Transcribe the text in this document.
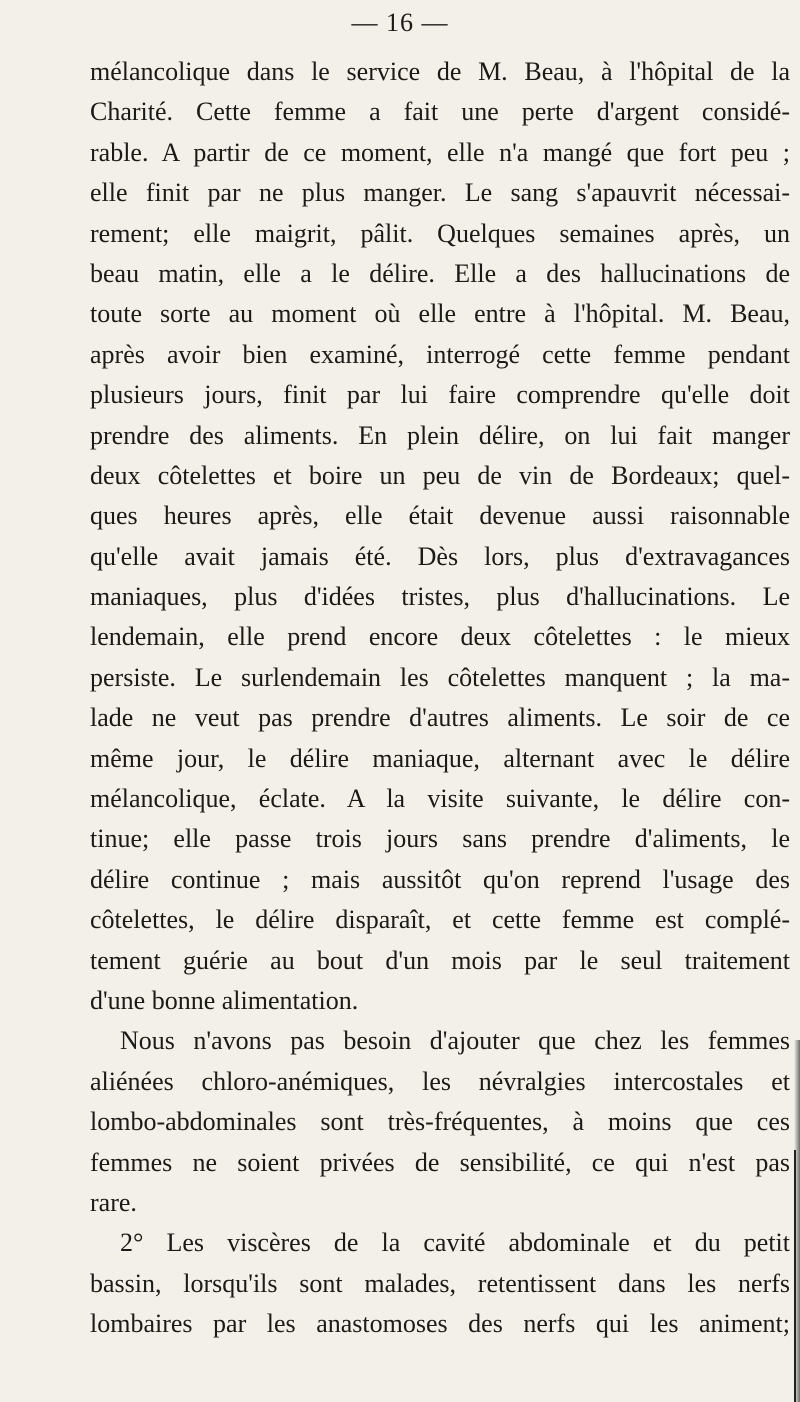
— 16 —
mélancolique dans le service de M. Beau, à l'hôpital de la
Charité. Cette femme a fait une perte d'argent considé-
rable. A partir de ce moment, elle n'a mangé que fort peu ;
elle finit par ne plus manger. Le sang s'apauvrit nécessai-
rement; elle maigrit, pâlit. Quelques semaines après, un
beau matin, elle a le délire. Elle a des hallucinations de
toute sorte au moment où elle entre à l'hôpital. M. Beau,
après avoir bien examiné, interrogé cette femme pendant
plusieurs jours, finit par lui faire comprendre qu'elle doit
prendre des aliments. En plein délire, on lui fait manger
deux côtelettes et boire un peu de vin de Bordeaux; quel-
ques heures après, elle était devenue aussi raisonnable
qu'elle avait jamais été. Dès lors, plus d'extravagances
maniaques, plus d'idées tristes, plus d'hallucinations. Le
lendemain, elle prend encore deux côtelettes : le mieux
persiste. Le surlendemain les côtelettes manquent ; la ma-
lade ne veut pas prendre d'autres aliments. Le soir de ce
même jour, le délire maniaque, alternant avec le délire
mélancolique, éclate. A la visite suivante, le délire con-
tinue; elle passe trois jours sans prendre d'aliments, le
délire continue ; mais aussitôt qu'on reprend l'usage des
côtelettes, le délire disparaît, et cette femme est complé-
tement guérie au bout d'un mois par le seul traitement
d'une bonne alimentation.
Nous n'avons pas besoin d'ajouter que chez les femmes
aliénées chloro-anémiques, les névralgies intercostales et
lombo-abdominales sont très-fréquentes, à moins que ces
femmes ne soient privées de sensibilité, ce qui n'est pas
rare.
2° Les viscères de la cavité abdominale et du petit
bassin, lorsqu'ils sont malades, retentissent dans les nerfs
lombaires par les anastomoses des nerfs qui les animent;
